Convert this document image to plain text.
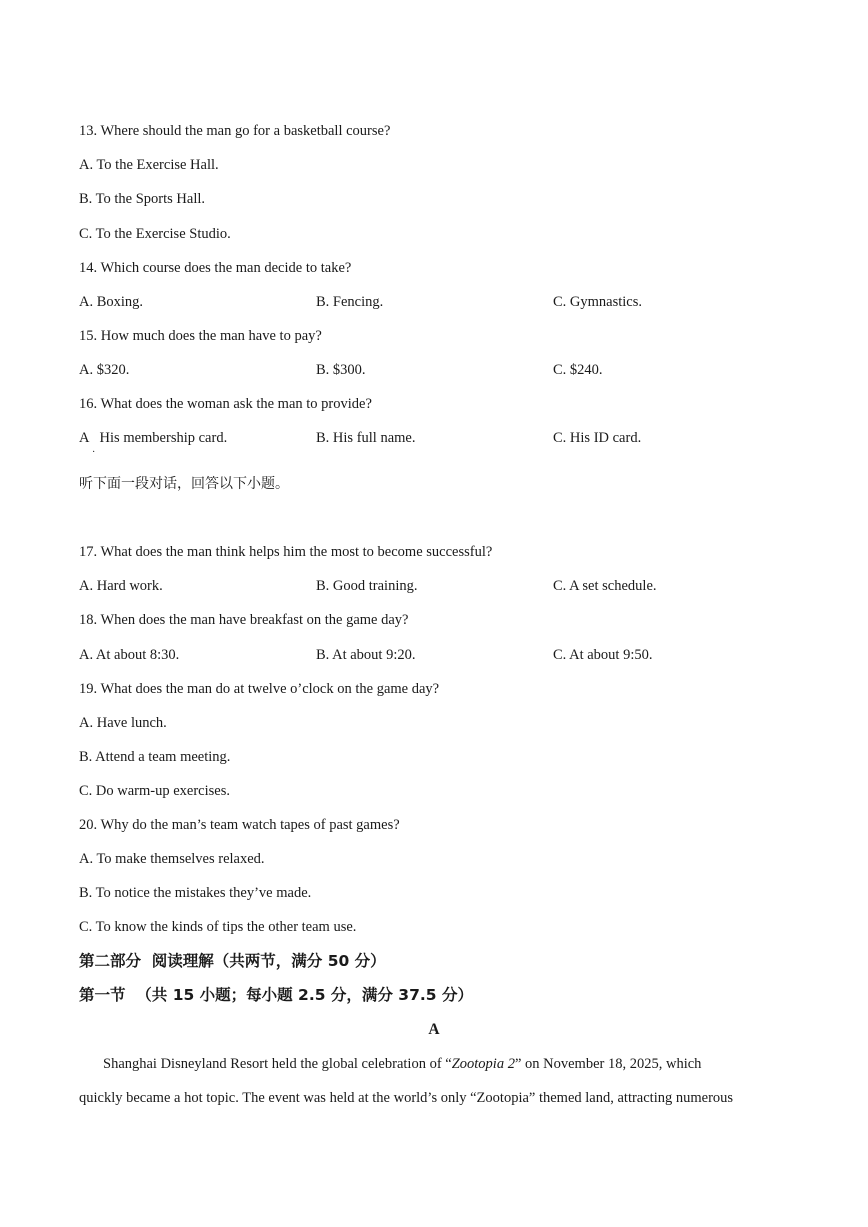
13. Where should the man go for a basketball course?
A. To the Exercise Hall.
B. To the Sports Hall.
C. To the Exercise Studio.
14. Which course does the man decide to take?
A. Boxing.	B. Fencing.	C. Gymnastics.
15. How much does the man have to pay?
A. $320.	B. $300.	C. $240.
16. What does the woman ask the man to provide?
A   His membership card.
·
B. His full name.	C. His ID card.
听下面一段对话，回答以下小题。
17. What does the man think helps him the most to become successful?
A. Hard work.	B. Good training.	C. A set schedule.
18. When does the man have breakfast on the game day?
A. At about 8:30.	B. At about 9:20.	C. At about 9:50.
19. What does the man do at twelve o’clock on the game day?
A. Have lunch.
B. Attend a team meeting.
C. Do warm-up exercises.
20. Why do the man’s team watch tapes of past games?
A. To make themselves relaxed.
B. To notice the mistakes they’ve made.
C. To know the kinds of tips the other team use.
第二部分  阅读理解（共两节，满分 50 分）
第一节  （共 15 小题；每小题 2.5 分，满分 37.5 分）
A
Shanghai Disneyland Resort held the global celebration of “Zootopia 2” on November 18, 2025, which
quickly became a hot topic. The event was held at the world’s only “Zootopia” themed land, attracting numerous
